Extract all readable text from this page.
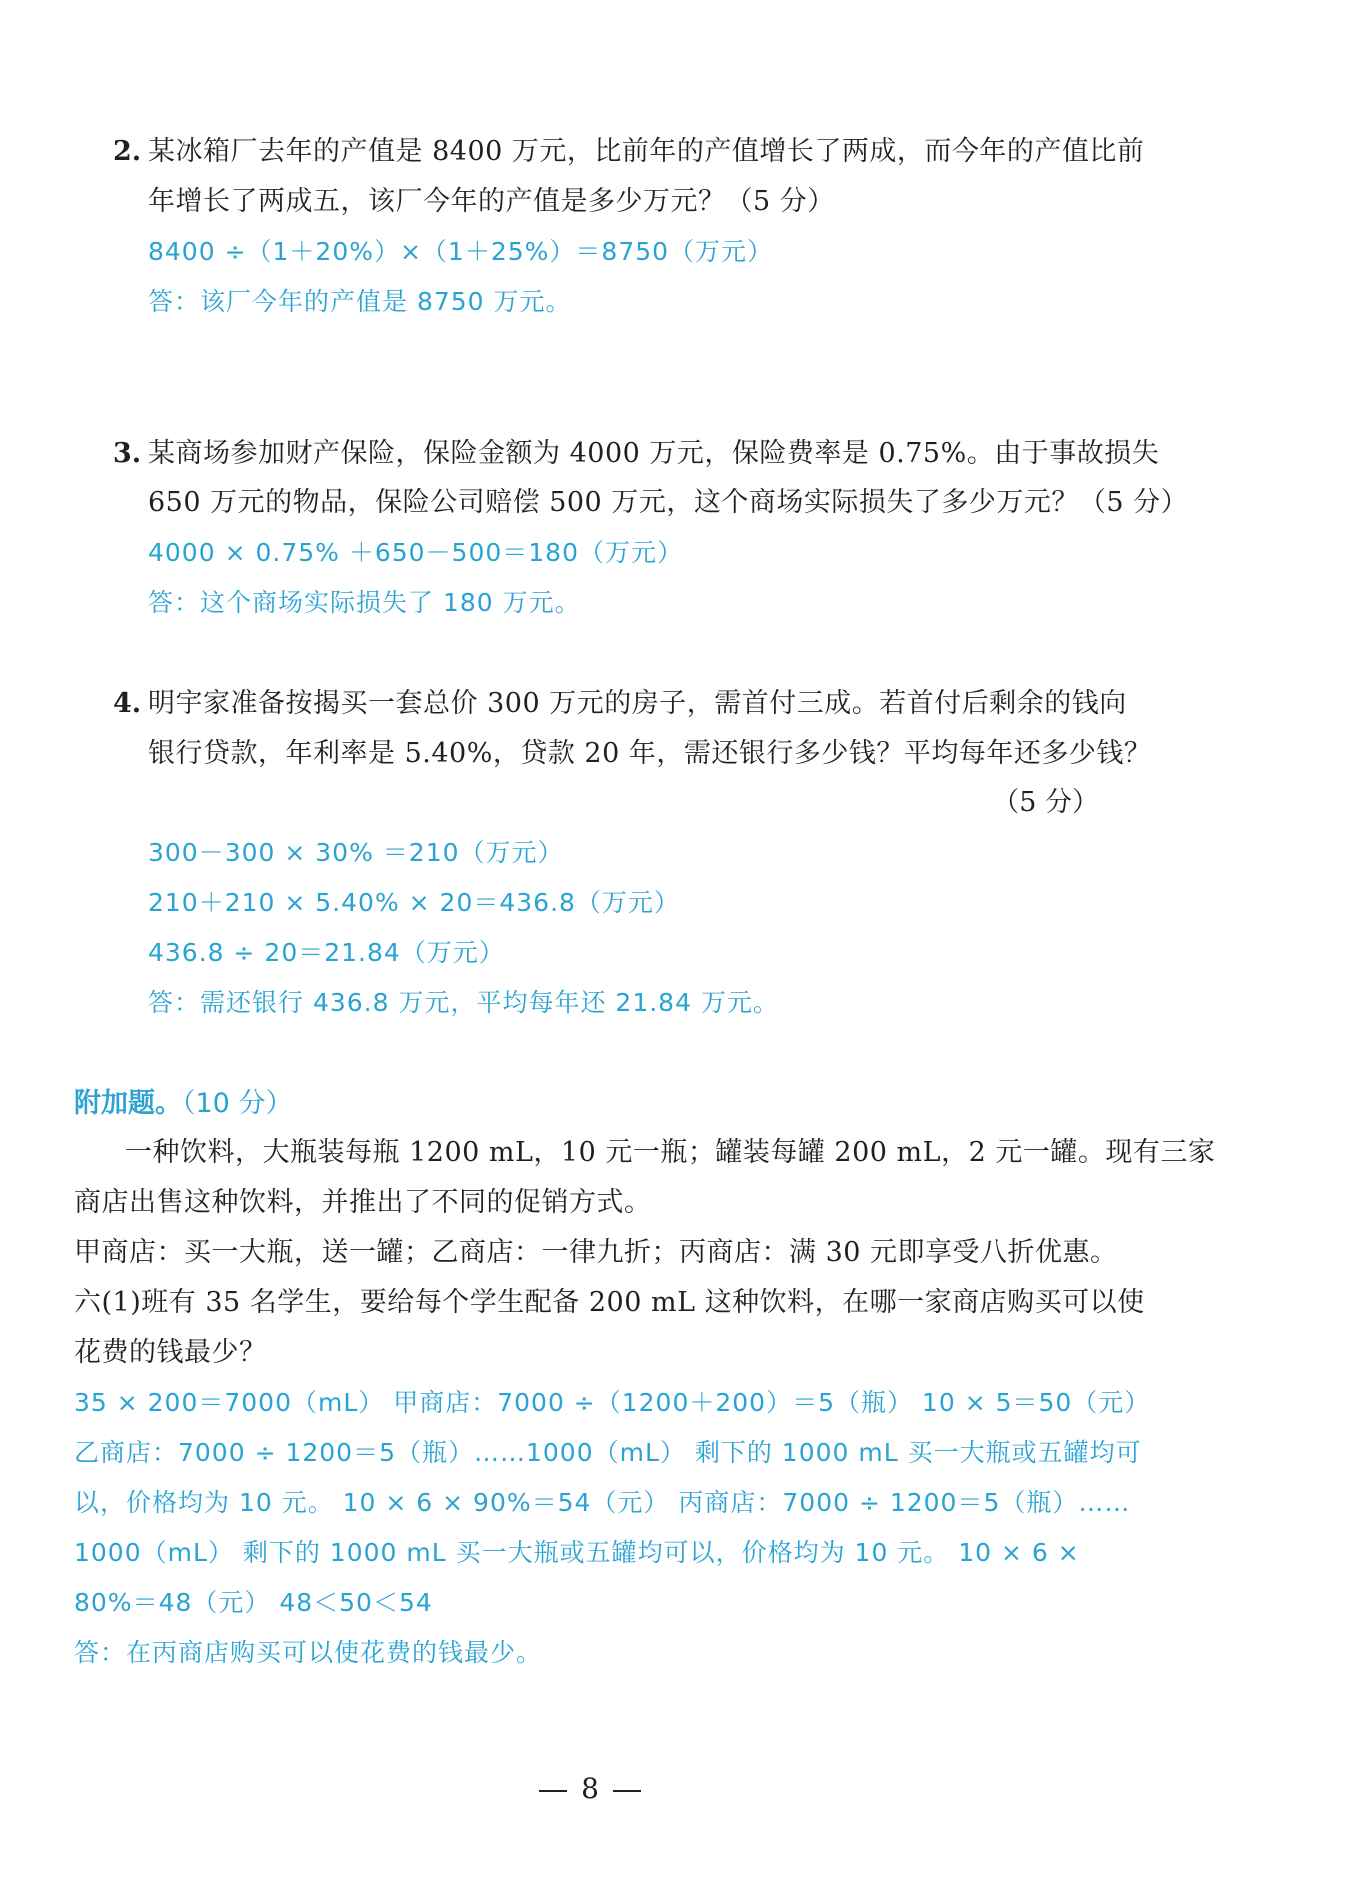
2. 某冰箱厂去年的产值是 8400 万元，比前年的产值增长了两成，而今年的产值比前
年增长了两成五，该厂今年的产值是多少万元？（5 分）
8400 ÷（1＋20%）×（1＋25%）＝8750（万元）
答：该厂今年的产值是 8750 万元。
3. 某商场参加财产保险，保险金额为 4000 万元，保险费率是 0.75%。由于事故损失
650 万元的物品，保险公司赔偿 500 万元，这个商场实际损失了多少万元？（5 分）
4000 × 0.75% ＋650－500＝180（万元）
答：这个商场实际损失了 180 万元。
4. 明宇家准备按揭买一套总价 300 万元的房子，需首付三成。若首付后剩余的钱向
银行贷款，年利率是 5.40%，贷款 20 年，需还银行多少钱？平均每年还多少钱？
（5 分）
300－300 × 30% ＝210（万元）
210＋210 × 5.40% × 20＝436.8（万元）
436.8 ÷ 20＝21.84（万元）
答：需还银行 436.8 万元，平均每年还 21.84 万元。
附加题。（10 分）
一种饮料，大瓶装每瓶 1200 mL，10 元一瓶；罐装每罐 200 mL，2 元一罐。现有三家
商店出售这种饮料，并推出了不同的促销方式。
甲商店：买一大瓶，送一罐；乙商店：一律九折；丙商店：满 30 元即享受八折优惠。
六(1)班有 35 名学生，要给每个学生配备 200 mL 这种饮料，在哪一家商店购买可以使
花费的钱最少？
35 × 200＝7000（mL） 甲商店：7000 ÷（1200＋200）＝5（瓶） 10 × 5＝50（元）
乙商店：7000 ÷ 1200＝5（瓶）……1000（mL） 剩下的 1000 mL 买一大瓶或五罐均可
以，价格均为 10 元。 10 × 6 × 90%＝54（元） 丙商店：7000 ÷ 1200＝5（瓶）……
1000（mL） 剩下的 1000 mL 买一大瓶或五罐均可以，价格均为 10 元。 10 × 6 ×
80%＝48（元） 48＜50＜54
答：在丙商店购买可以使花费的钱最少。
8
